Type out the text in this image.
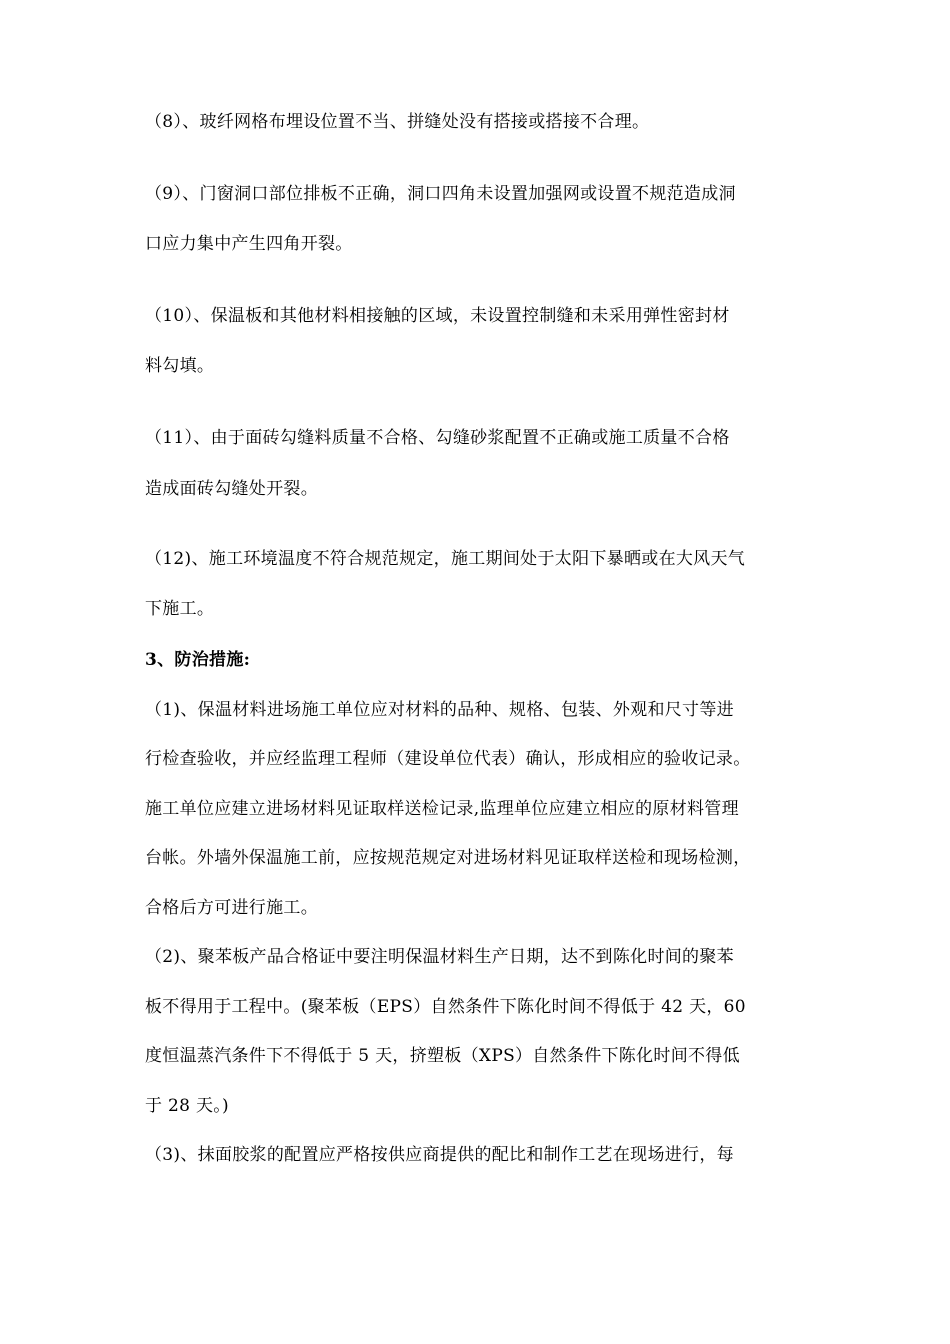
（8）、玻纤网格布埋设位置不当、拼缝处没有搭接或搭接不合理。
（9）、门窗洞口部位排板不正确，洞口四角未设置加强网或设置不规范造成洞
口应力集中产生四角开裂。
（10）、保温板和其他材料相接触的区域，未设置控制缝和未采用弹性密封材
料勾填。
（11）、由于面砖勾缝料质量不合格、勾缝砂浆配置不正确或施工质量不合格
造成面砖勾缝处开裂。
（12)、施工环境温度不符合规范规定，施工期间处于太阳下暴晒或在大风天气
下施工。
3、防治措施:
（1)、保温材料进场施工单位应对材料的品种、规格、包装、外观和尺寸等进
行检查验收，并应经监理工程师（建设单位代表）确认，形成相应的验收记录。
施工单位应建立进场材料见证取样送检记录,监理单位应建立相应的原材料管理
台帐。外墙外保温施工前，应按规范规定对进场材料见证取样送检和现场检测，
合格后方可进行施工。
（2)、聚苯板产品合格证中要注明保温材料生产日期，达不到陈化时间的聚苯
板不得用于工程中。(聚苯板（EPS）自然条件下陈化时间不得低于 42 天，60
度恒温蒸汽条件下不得低于 5 天，挤塑板（XPS）自然条件下陈化时间不得低
于 28 天。)
（3)、抹面胶浆的配置应严格按供应商提供的配比和制作工艺在现场进行，每
